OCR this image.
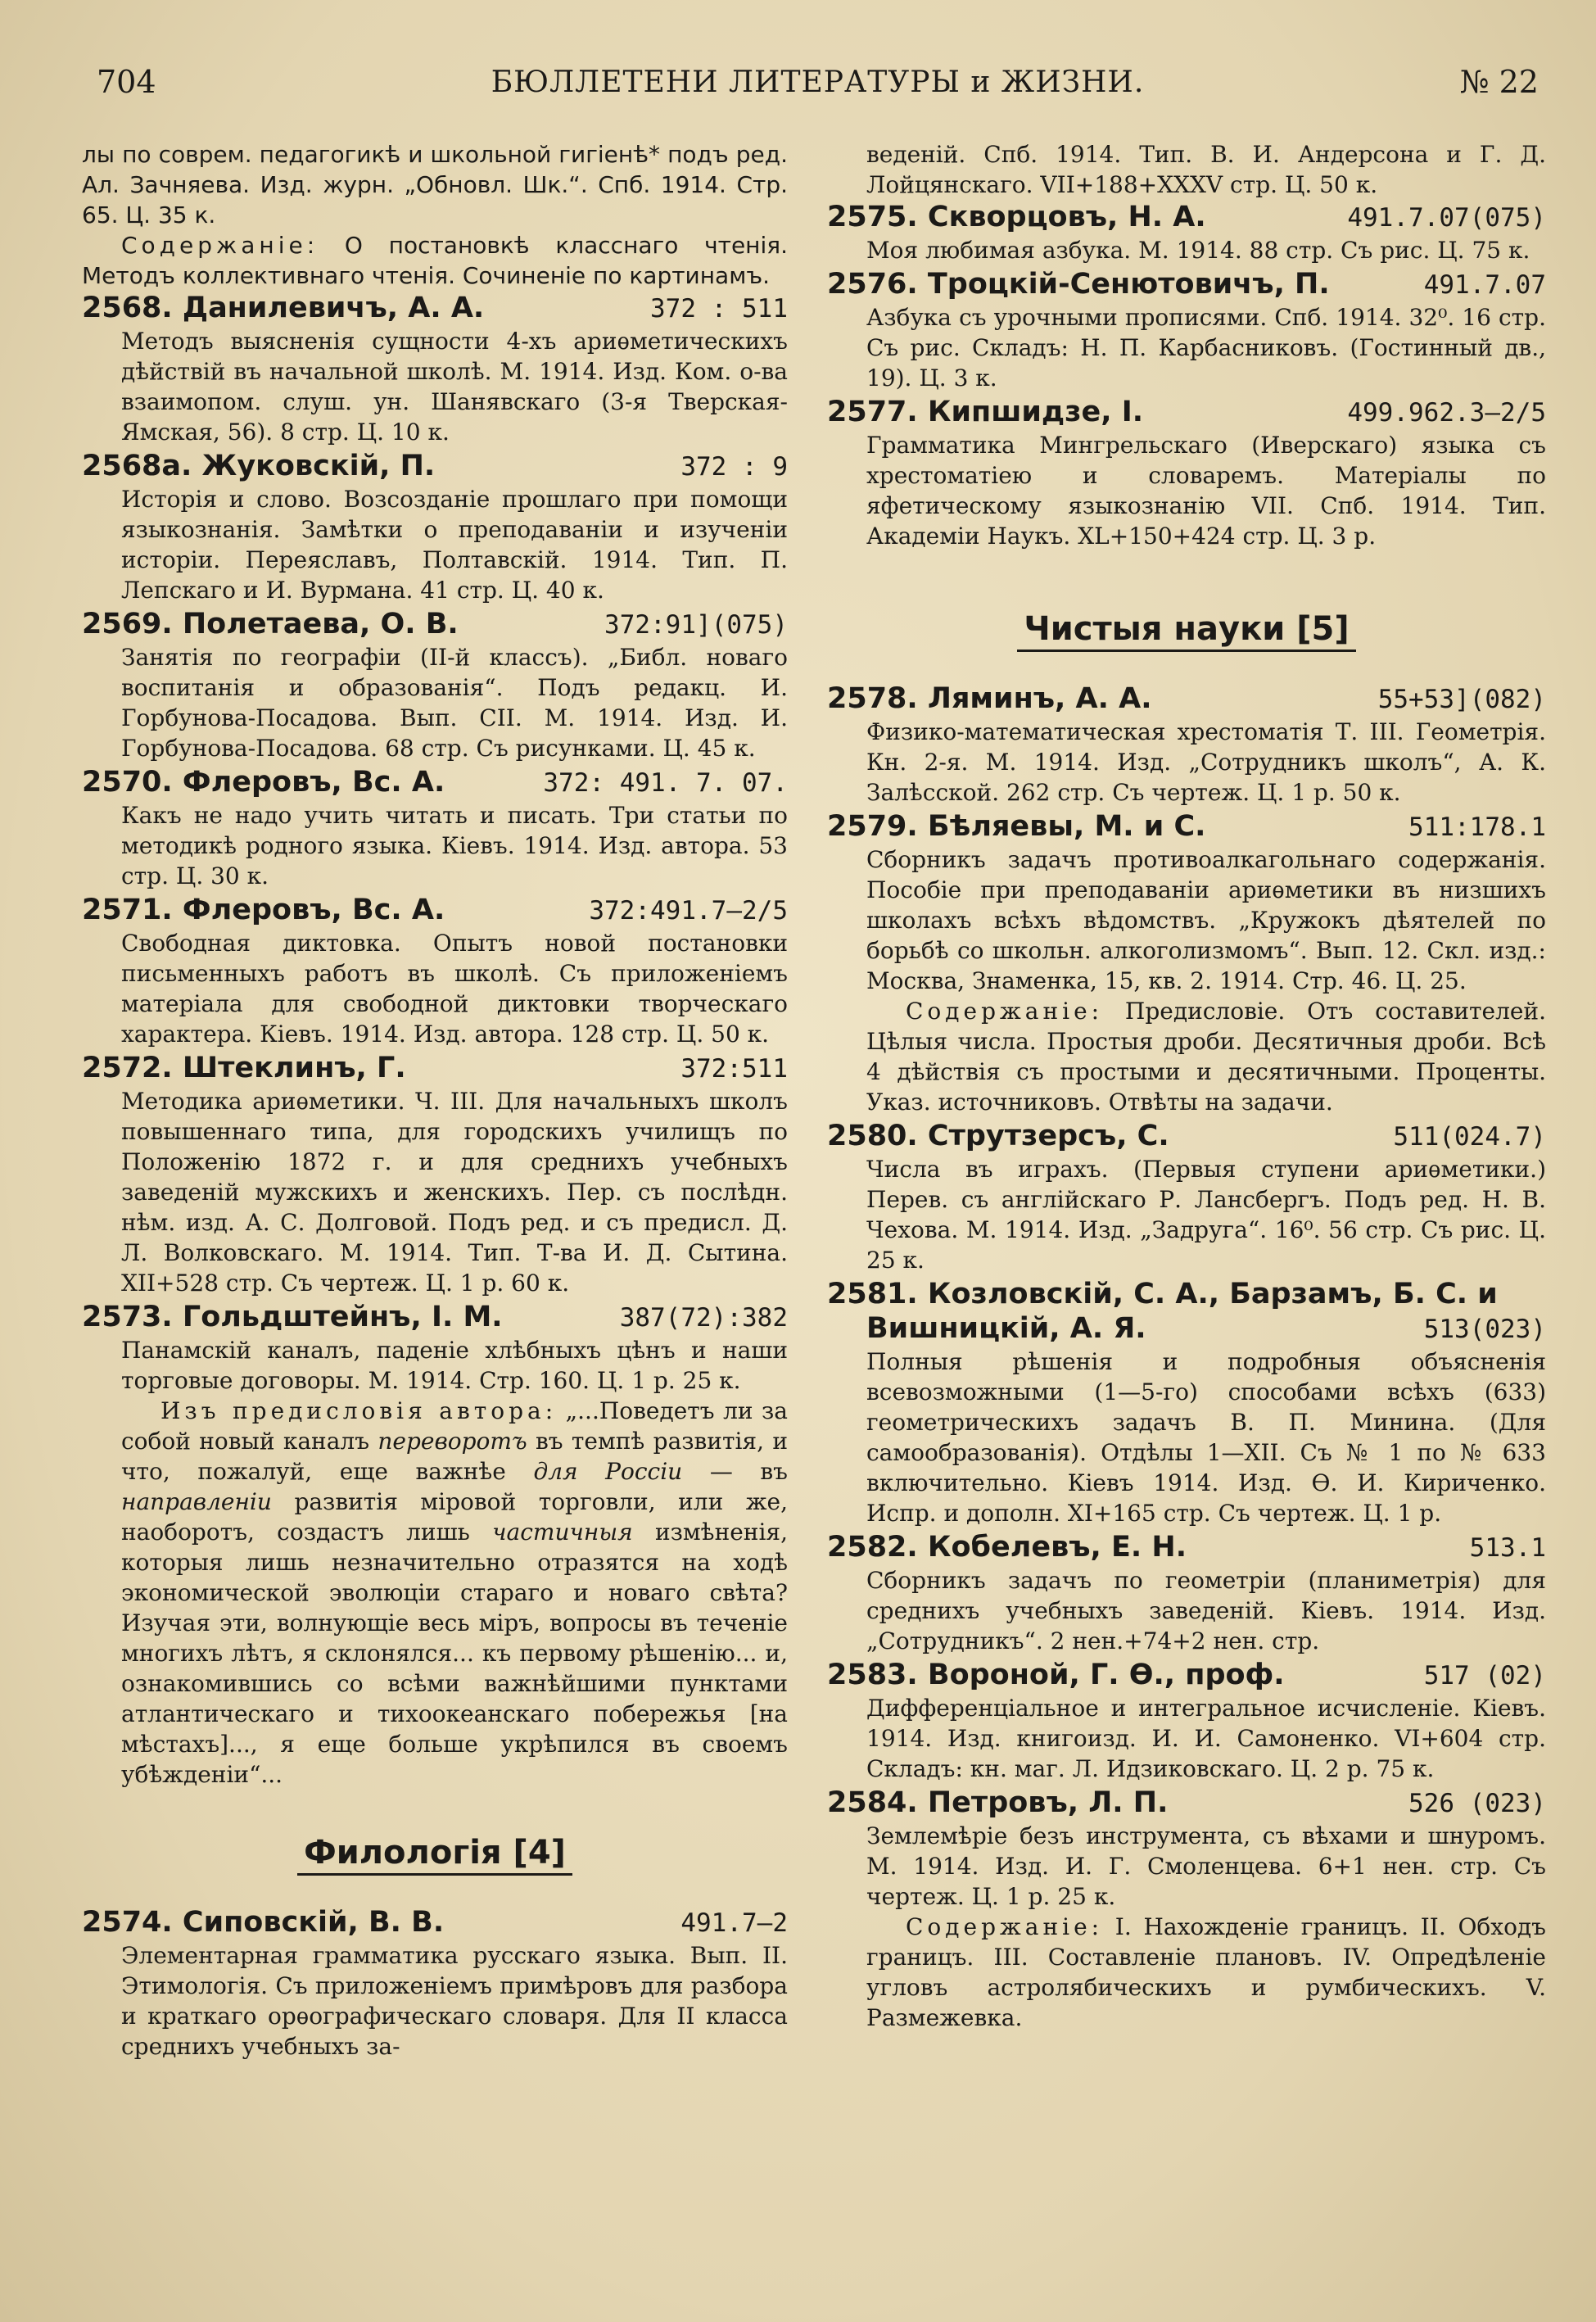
704	БЮЛЛЕТЕНИ ЛИТЕРАТУРЫ и ЖИЗНИ.	№ 22
лы по соврем. педагогикѣ и школьной гигіенѣ* подъ ред. Ал. Зачняева. Изд. журн. „Обновл. Шк.“. Спб. 1914. Стр. 65. Ц. 35 к.
Содержаніе: О постановкѣ класснаго чтенія. Методъ коллективнаго чтенія. Сочиненіе по картинамъ.
2568. Данилевичъ, А. А.	372 : 511
Методъ выясненія сущности 4-хъ ариѳметическихъ дѣйствій въ начальной школѣ. М. 1914. Изд. Ком. о-ва взаимопом. слуш. ун. Шанявскаго (3-я Тверская-Ямская, 56). 8 стр. Ц. 10 к.
2568а. Жуковскій, П.	372 : 9
Исторія и слово. Возсозданіе прошлаго при помощи языкознанія. Замѣтки о преподаваніи и изученіи исторіи. Переяславъ, Полтавскій. 1914. Тип. П. Лепскаго и И. Вурмана. 41 стр. Ц. 40 к.
2569. Полетаева, О. В.	372:91](075)
Занятія по географіи (II-й классъ). „Библ. новаго воспитанія и образованія“. Подъ редакц. И. Горбунова-Посадова. Вып. CII. М. 1914. Изд. И. Горбунова-Посадова. 68 стр. Съ рисунками. Ц. 45 к.
2570. Флеровъ, Вс. А.	372: 491. 7. 07.
Какъ не надо учить читать и писать. Три статьи по методикѣ родного языка. Кіевъ. 1914. Изд. автора. 53 стр. Ц. 30 к.
2571. Флеровъ, Вс. А.	372:491.7—2/5
Свободная диктовка. Опытъ новой постановки письменныхъ работъ въ школѣ. Съ приложеніемъ матеріала для свободной диктовки творческаго характера. Кіевъ. 1914. Изд. автора. 128 стр. Ц. 50 к.
2572. Штеклинъ, Г.	372:511
Методика ариѳметики. Ч. III. Для начальныхъ школъ повышеннаго типа, для городскихъ училищъ по Положенію 1872 г. и для среднихъ учебныхъ заведеній мужскихъ и женскихъ. Пер. съ послѣдн. нѣм. изд. А. С. Долговой. Подъ ред. и съ предисл. Д. Л. Волковскаго. М. 1914. Тип. Т-ва И. Д. Сытина. XII+528 стр. Съ чертеж. Ц. 1 р. 60 к.
2573. Гольдштейнъ, І. М.	387(72):382
Панамскій каналъ, паденіе хлѣбныхъ цѣнъ и наши торговые договоры. М. 1914. Стр. 160. Ц. 1 р. 25 к.
Изъ предисловія автора: „...Поведетъ ли за собой новый каналъ переворотъ въ темпѣ развитія, и что, пожалуй, еще важнѣе для Россіи — въ направленіи развитія міровой торговли, или же, наоборотъ, создастъ лишь частичныя измѣненія, которыя лишь незначительно отразятся на ходѣ экономической эволюціи стараго и новаго свѣта? Изучая эти, волнующіе весь міръ, вопросы въ теченіе многихъ лѣтъ, я склонялся... къ первому рѣшенію... и, ознакомившись со всѣми важнѣйшими пунктами атлантическаго и тихоокеанскаго побережья [на мѣстахъ]..., я еще больше укрѣпился въ своемъ убѣжденіи“...
Филологія [4]
2574. Сиповскій, В. В.	491.7—2
Элементарная грамматика русскаго языка. Вып. II. Этимологія. Съ приложеніемъ примѣровъ для разбора и краткаго орѳографическаго словаря. Для II класса среднихъ учебныхъ за-
веденій. Спб. 1914. Тип. В. И. Андерсона и Г. Д. Лойцянскаго. VII+188+XXXV стр. Ц. 50 к.
2575. Скворцовъ, Н. А.	491.7.07(075)
Моя любимая азбука. М. 1914. 88 стр. Съ рис. Ц. 75 к.
2576. Троцкій-Сенютовичъ, П.	491.7.07
Азбука съ урочными прописями. Спб. 1914. 32⁰. 16 стр. Съ рис. Складъ: Н. П. Карбасниковъ. (Гостинный дв., 19). Ц. 3 к.
2577. Кипшидзе, І.	499.962.3—2/5
Грамматика Мингрельскаго (Иверскаго) языка съ хрестоматіею и словаремъ. Матеріалы по яфетическому языкознанію VII. Спб. 1914. Тип. Академіи Наукъ. XL+150+424 стр. Ц. 3 р.
Чистыя науки [5]
2578. Ляминъ, А. А.	55+53](082)
Физико-математическая хрестоматія Т. III. Геометрія. Кн. 2-я. М. 1914. Изд. „Сотрудникъ школъ“, А. К. Залѣсской. 262 стр. Съ чертеж. Ц. 1 р. 50 к.
2579. Бѣляевы, М. и С.	511:178.1
Сборникъ задачъ противоалкагольнаго содержанія. Пособіе при преподаваніи ариѳметики въ низшихъ школахъ всѣхъ вѣдомствъ. „Кружокъ дѣятелей по борьбѣ со школьн. алкоголизмомъ“. Вып. 12. Скл. изд.: Москва, Знаменка, 15, кв. 2. 1914. Стр. 46. Ц. 25.
Содержаніе: Предисловіе. Отъ составителей. Цѣлыя числа. Простыя дроби. Десятичныя дроби. Всѣ 4 дѣйствія съ простыми и десятичными. Проценты. Указ. источниковъ. Отвѣты на задачи.
2580. Струтзерсъ, С.	511(024.7)
Числа въ играхъ. (Первыя ступени ариѳметики.) Перев. съ англійскаго Р. Лансбергъ. Подъ ред. Н. В. Чехова. М. 1914. Изд. „Задруга“. 16⁰. 56 стр. Съ рис. Ц. 25 к.
2581. Козловскій, С. А., Барзамъ, Б. С. и
Вишницкій, А. Я.	513(023)
Полныя рѣшенія и подробныя объясненія всевозможными (1—5-го) способами всѣхъ (633) геометрическихъ задачъ В. П. Минина. (Для самообразованія). Отдѣлы 1—XII. Съ № 1 по № 633 включительно. Кіевъ 1914. Изд. Ѳ. И. Кириченко. Испр. и дополн. XI+165 стр. Съ чертеж. Ц. 1 р.
2582. Кобелевъ, Е. Н.	513.1
Сборникъ задачъ по геометріи (планиметрія) для среднихъ учебныхъ заведеній. Кіевъ. 1914. Изд. „Сотрудникъ“. 2 нен.+74+2 нен. стр.
2583. Вороной, Г. Ѳ., проф.	517 (02)
Дифференціальное и интегральное исчисленіе. Кіевъ. 1914. Изд. книгоизд. И. И. Самоненко. VI+604 стр. Складъ: кн. маг. Л. Идзиковскаго. Ц. 2 р. 75 к.
2584. Петровъ, Л. П.	526 (023)
Землемѣріе безъ инструмента, съ вѣхами и шнуромъ. М. 1914. Изд. И. Г. Смоленцева. 6+1 нен. стр. Съ чертеж. Ц. 1 р. 25 к.
Содержаніе: I. Нахожденіе границъ. II. Обходъ границъ. III. Составленіе плановъ. IV. Опредѣленіе угловъ астролябическихъ и румбическихъ. V. Размежевка.
